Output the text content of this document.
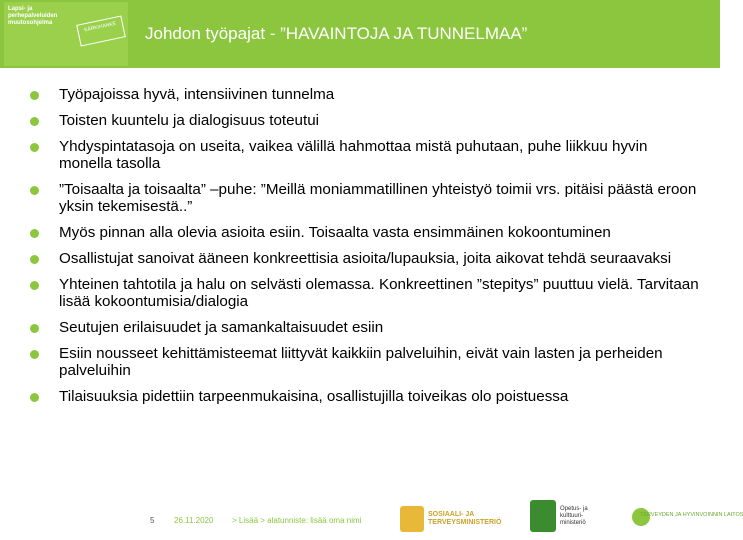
Lapsi- ja
perhepalveluiden
muutosohjelma	KÄRKIHANKE	Johdon työpajat - ”HAVAINTOJA JA TUNNELMAA”
Työpajoissa hyvä, intensiivinen tunnelma
Toisten kuuntelu ja dialogisuus toteutui
Yhdyspintatasoja on useita, vaikea välillä hahmottaa mistä puhutaan, puhe liikkuu hyvin monella tasolla
”Toisaalta ja toisaalta” –puhe: ”Meillä moniammatillinen yhteistyö toimii vrs. pitäisi päästä eroon yksin tekemisestä..”
Myös pinnan alla olevia asioita esiin. Toisaalta vasta ensimmäinen kokoontuminen
Osallistujat sanoivat ääneen konkreettisia asioita/lupauksia, joita aikovat tehdä seuraavaksi
Yhteinen tahtotila ja halu on selvästi olemassa. Konkreettinen ”stepitys” puuttuu vielä. Tarvitaan lisää kokoontumisia/dialogia
Seutujen erilaisuudet ja samankaltaisuudet esiin
Esiin nousseet kehittämisteemat liittyvät kaikkiin palveluihin, eivät vain lasten ja perheiden palveluihin
Tilaisuuksia pidettiin tarpeenmukaisina, osallistujilla toiveikas olo poistuessa
5 26.11.2020 > Lisää > alatunniste: lisää oma nimi
SOSIAALI- JA
TERVEYSMINISTERIÖ
Opetus- ja
kulttuuri-
ministeriö
TERVEYDEN JA HYVINVOINNIN LAITOS
